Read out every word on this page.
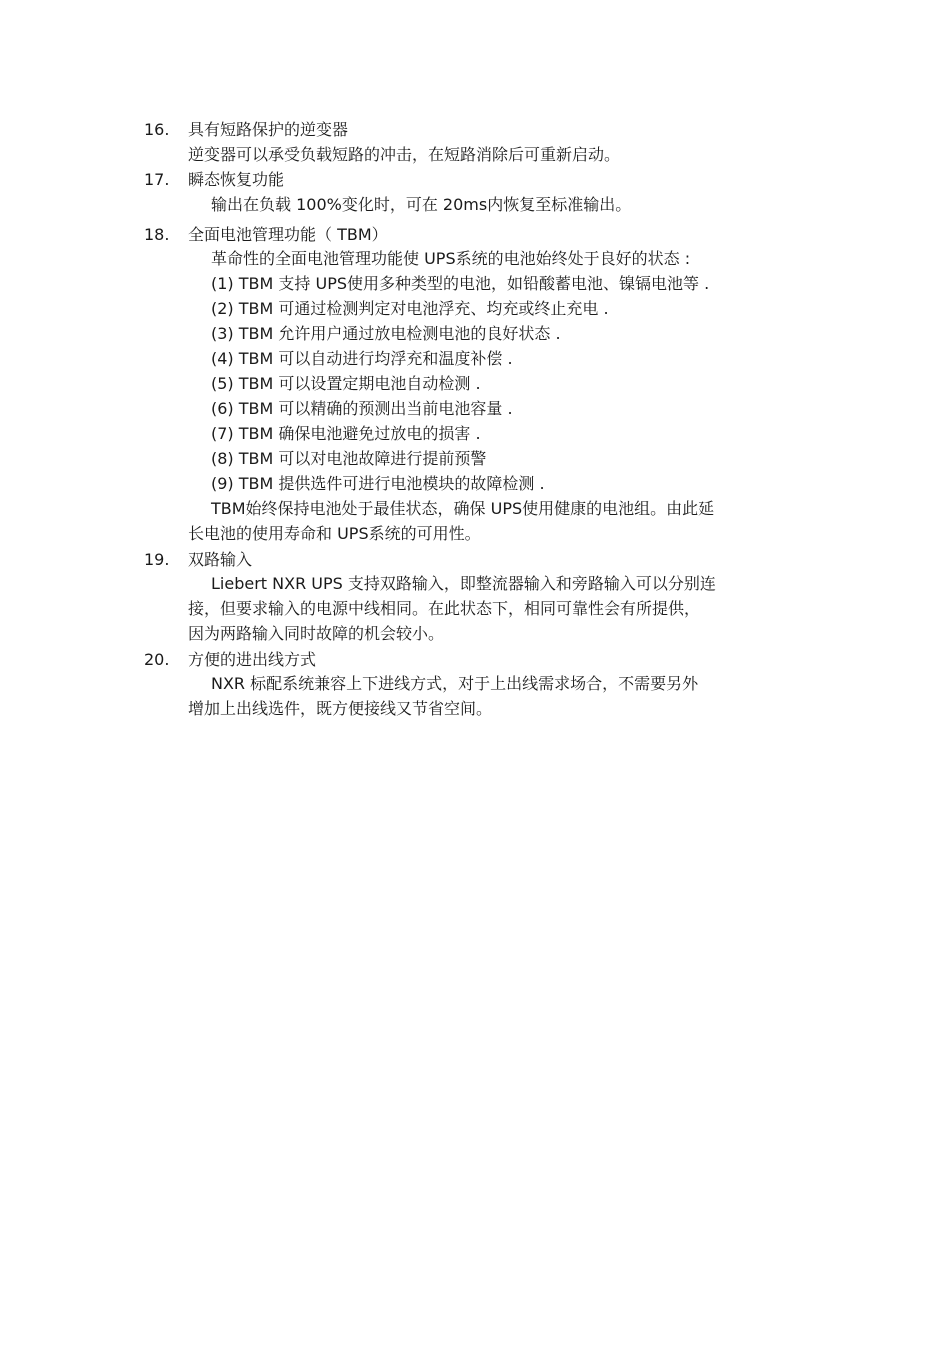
16. 具有短路保护的逆变器
逆变器可以承受负载短路的冲击，在短路消除后可重新启动。
17. 瞬态恢复功能
输出在负载 100%变化时，可在 20ms内恢复至标准输出。
18. 全面电池管理功能（ TBM）
革命性的全面电池管理功能使 UPS系统的电池始终处于良好的状态 :
(1) TBM 支持 UPS使用多种类型的电池，如铅酸蓄电池、镍镉电池等 .
(2) TBM 可通过检测判定对电池浮充、均充或终止充电 .
(3) TBM 允许用户通过放电检测电池的良好状态 .
(4) TBM 可以自动进行均浮充和温度补偿 .
(5) TBM 可以设置定期电池自动检测 .
(6) TBM 可以精确的预测出当前电池容量 .
(7) TBM 确保电池避免过放电的损害 .
(8) TBM 可以对电池故障进行提前预警
(9) TBM 提供选件可进行电池模块的故障检测 .
TBM始终保持电池处于最佳状态，确保 UPS使用健康的电池组。由此延
长电池的使用寿命和 UPS系统的可用性。
19. 双路输入
Liebert NXR UPS 支持双路输入，即整流器输入和旁路输入可以分别连
接，但要求输入的电源中线相同。在此状态下，相同可靠性会有所提供，
因为两路输入同时故障的机会较小。
20. 方便的进出线方式
NXR 标配系统兼容上下进线方式，对于上出线需求场合，不需要另外
增加上出线选件，既方便接线又节省空间。
